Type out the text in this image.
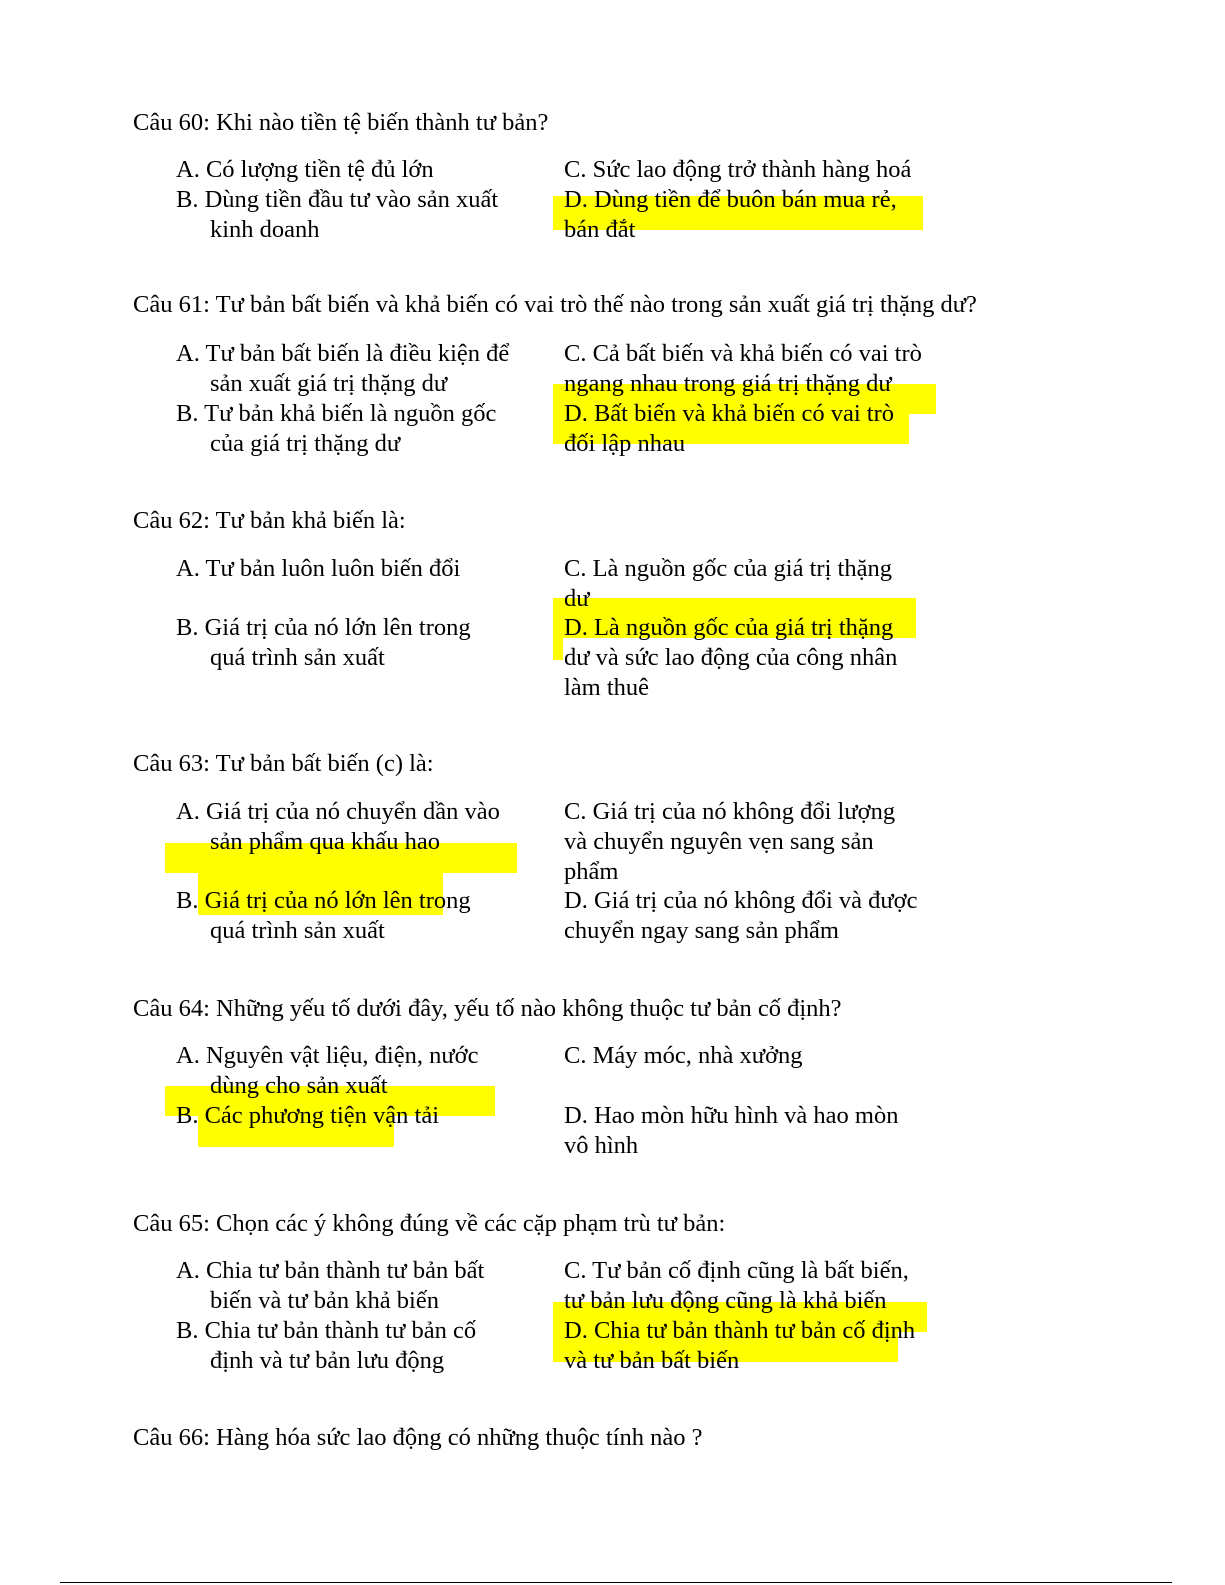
Câu 60: Khi nào tiền tệ biến thành tư bản?
A. Có lượng tiền tệ đủ lớn
B. Dùng tiền đầu tư vào sản xuất
kinh doanh
C. Sức lao động trở thành hàng hoá
D. Dùng tiền để buôn bán mua rẻ,
bán đắt
Câu 61: Tư bản bất biến và khả biến có vai trò thế nào trong sản xuất giá trị thặng dư?
A. Tư bản bất biến là điều kiện để
sản xuất giá trị thặng dư
B. Tư bản khả biến là nguồn gốc
của giá trị thặng dư
C. Cả bất biến và khả biến có vai trò
ngang nhau trong giá trị thặng dư
D. Bất biến và khả biến có vai trò
đối lập nhau
Câu 62: Tư bản khả biến là:
A. Tư bản luôn luôn biến đổi
B. Giá trị của nó lớn lên trong
quá trình sản xuất
C. Là nguồn gốc của giá trị thặng
dư
D. Là nguồn gốc của giá trị thặng
dư và sức lao động của công nhân
làm thuê
Câu 63: Tư bản bất biến (c) là:
A. Giá trị của nó chuyển dần vào
sản phẩm qua khấu hao
B. Giá trị của nó lớn lên trong
quá trình sản xuất
C. Giá trị của nó không đổi lượng
và chuyển nguyên vẹn sang sản
phẩm
D. Giá trị của nó không đổi và được
chuyển ngay sang sản phẩm
Câu 64: Những yếu tố dưới đây, yếu tố nào không thuộc tư bản cố định?
A. Nguyên vật liệu, điện, nước
dùng cho sản xuất
B. Các phương tiện vận tải
C. Máy móc, nhà xưởng
D. Hao mòn hữu hình và hao mòn
vô hình
Câu 65: Chọn các ý không đúng về các cặp phạm trù tư bản:
A. Chia tư bản thành tư bản bất
biến và tư bản khả biến
B. Chia tư bản thành tư bản cố
định và tư bản lưu động
C. Tư bản cố định cũng là bất biến,
tư bản lưu động cũng là khả biến
D. Chia tư bản thành tư bản cố định
và tư bản bất biến
Câu 66: Hàng hóa sức lao động có những thuộc tính nào ?
